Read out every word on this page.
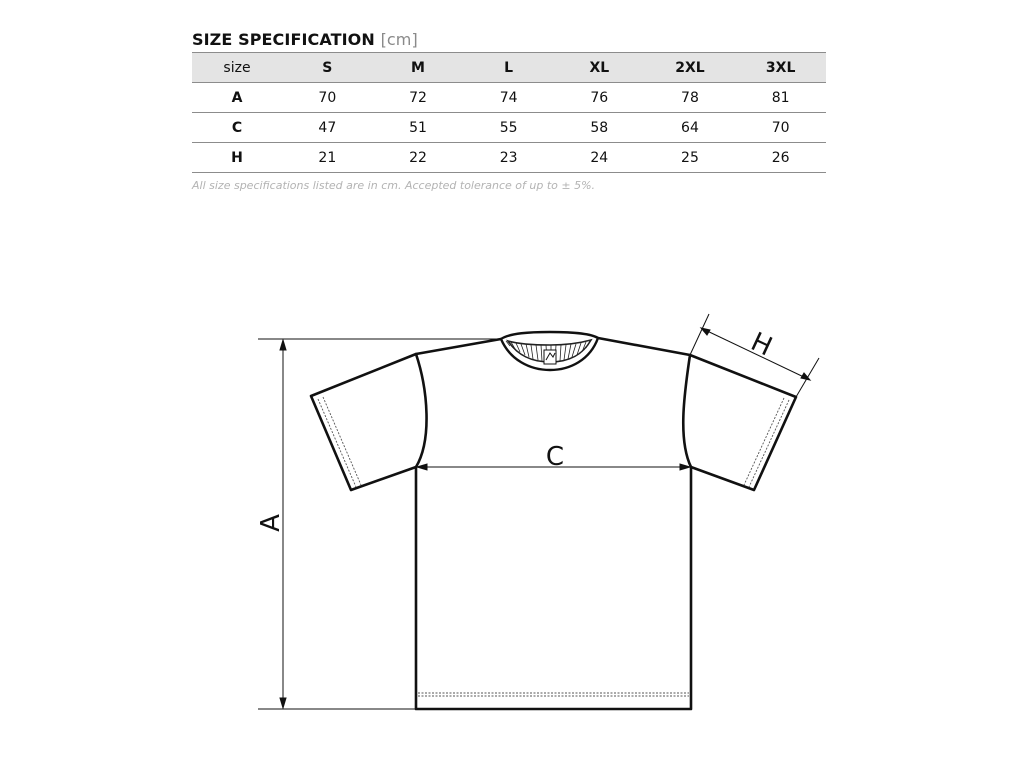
SIZE SPECIFICATION [cm]
size	S	M	L	XL	2XL	3XL
A	70	72	74	76	78	81
C	47	51	55	58	64	70
H	21	22	23	24	25	26
All size specifications listed are in cm. Accepted tolerance of up to ± 5%.
A
C
H
